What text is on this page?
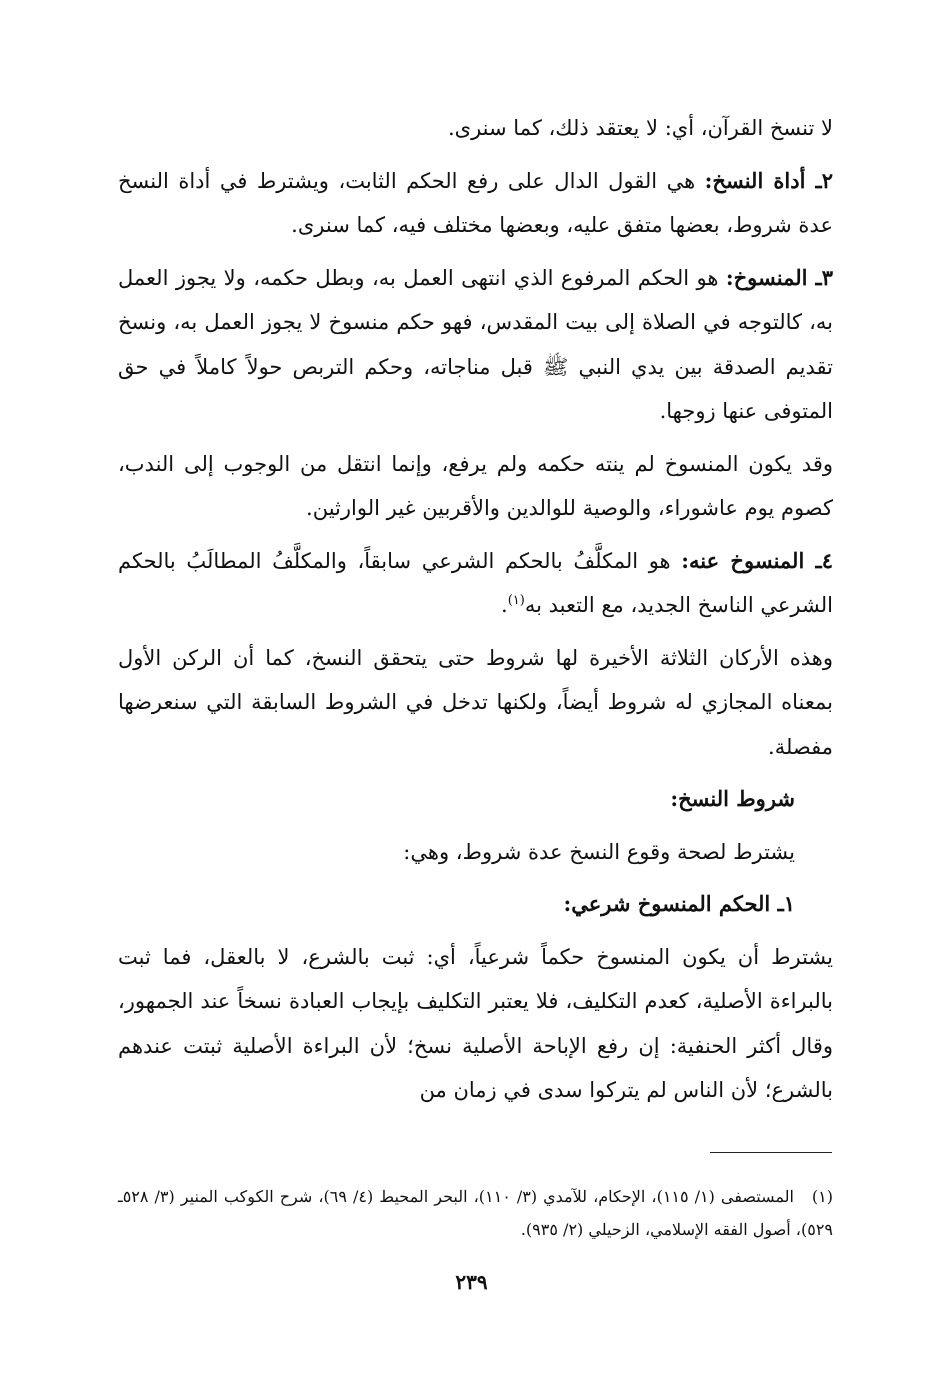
لا تنسخ القرآن، أي: لا يعتقد ذلك، كما سنرى.

٢ـ أداة النسخ: هي القول الدال على رفع الحكم الثابت، ويشترط في أداة النسخ عدة شروط، بعضها متفق عليه، وبعضها مختلف فيه، كما سنرى.

٣ـ المنسوخ: هو الحكم المرفوع الذي انتهى العمل به، وبطل حكمه، ولا يجوز العمل به، كالتوجه في الصلاة إلى بيت المقدس، فهو حكم منسوخ لا يجوز العمل به، ونسخ تقديم الصدقة بين يدي النبي ﷺ قبل مناجاته، وحكم التربص حولاً كاملاً في حق المتوفى عنها زوجها.

وقد يكون المنسوخ لم ينته حكمه ولم يرفع، وإنما انتقل من الوجوب إلى الندب، كصوم يوم عاشوراء، والوصية للوالدين والأقربين غير الوارثين.

٤ـ المنسوخ عنه: هو المكلَّفُ بالحكم الشرعي سابقاً، والمكلَّفُ المطالَبُ بالحكم الشرعي الناسخ الجديد، مع التعبد به$^{(١)}$.

وهذه الأركان الثلاثة الأخيرة لها شروط حتى يتحقق النسخ، كما أن الركن الأول بمعناه المجازي له شروط أيضاً، ولكنها تدخل في الشروط السابقة التي سنعرضها مفصلة.

شروط النسخ:

يشترط لصحة وقوع النسخ عدة شروط، وهي:

١ـ الحكم المنسوخ شرعي:

يشترط أن يكون المنسوخ حكماً شرعياً، أي: ثبت بالشرع، لا بالعقل، فما ثبت بالبراءة الأصلية، كعدم التكليف، فلا يعتبر التكليف بإيجاب العبادة نسخاً عند الجمهور، وقال أكثر الحنفية: إن رفع الإباحة الأصلية نسخ؛ لأن البراءة الأصلية ثبتت عندهم بالشرع؛ لأن الناس لم يتركوا سدى في زمان من

(١)المستصفى (١/ ١١٥)، الإحكام، للآمدي (٣/ ١١٠)، البحر المحيط (٤/ ٦٩)، شرح الكوكب المنير (٣/ ٥٢٨ـ ٥٢٩)، أصول الفقه الإسلامي، الزحيلي (٢/ ٩٣٥).
٢٣٩
